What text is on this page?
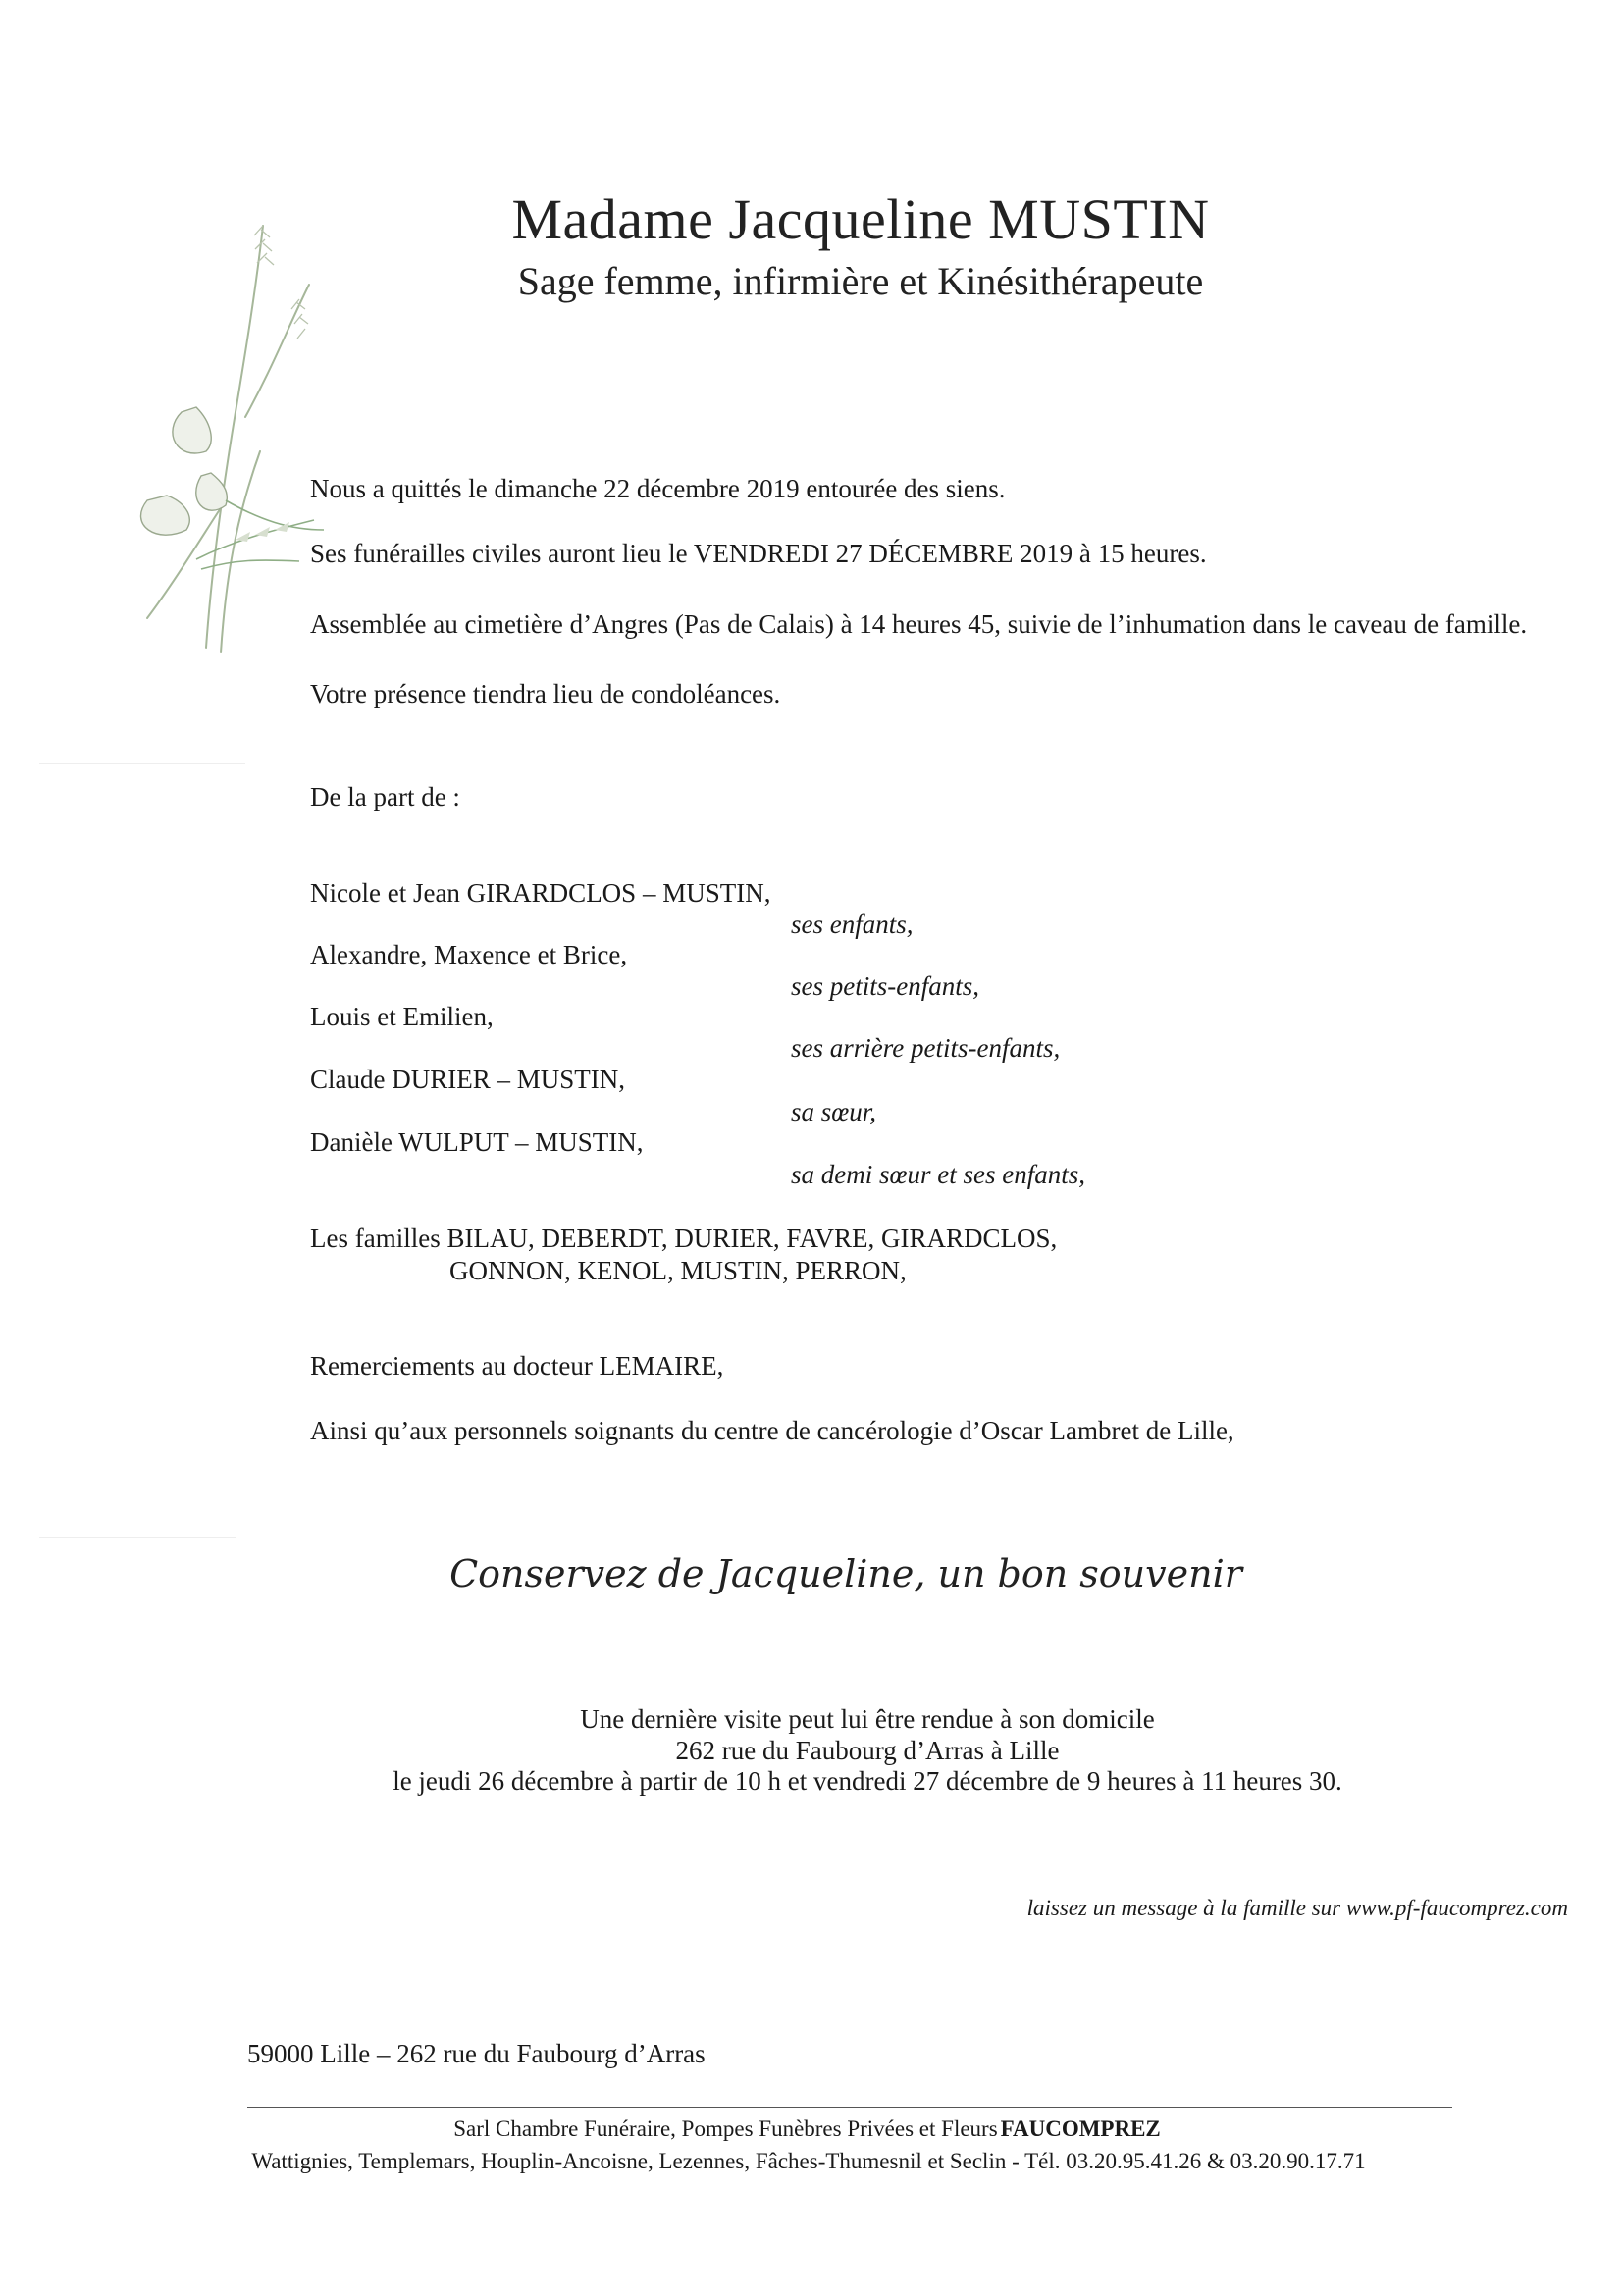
Madame Jacqueline MUSTIN
Sage femme, infirmière et Kinésithérapeute
Nous a quittés le dimanche 22 décembre 2019 entourée des siens.
Ses funérailles civiles auront lieu le VENDREDI 27 DÉCEMBRE 2019 à 15 heures.
Assemblée au cimetière d’Angres (Pas de Calais) à 14 heures 45, suivie de l’inhumation dans le caveau de famille.
Votre présence tiendra lieu de condoléances.
De la part de :
Nicole et Jean GIRARDCLOS – MUSTIN,
ses enfants,
Alexandre, Maxence et Brice,
ses petits-enfants,
Louis et Emilien,
ses arrière petits-enfants,
Claude DURIER – MUSTIN,
sa sœur,
Danièle WULPUT – MUSTIN,
sa demi sœur et ses enfants,
Les familles BILAU, DEBERDT, DURIER, FAVRE, GIRARDCLOS,
GONNON, KENOL, MUSTIN, PERRON,
Remerciements au docteur LEMAIRE,
Ainsi qu’aux personnels soignants du centre de cancérologie d’Oscar Lambret de Lille,
Conservez de Jacqueline, un bon souvenir
Une dernière visite peut lui être rendue à son domicile
262 rue du Faubourg d’Arras à Lille
le jeudi 26 décembre à partir de 10 h et vendredi 27 décembre de 9 heures à 11 heures 30.
laissez un message à la famille sur www.pf-faucomprez.com
59000 Lille – 262 rue du Faubourg d’Arras
Sarl Chambre Funéraire, Pompes Funèbres Privées et FleursFAUCOMPREZ
Wattignies, Templemars, Houplin-Ancoisne, Lezennes, Fâches-Thumesnil et Seclin - Tél. 03.20.95.41.26 & 03.20.90.17.71
